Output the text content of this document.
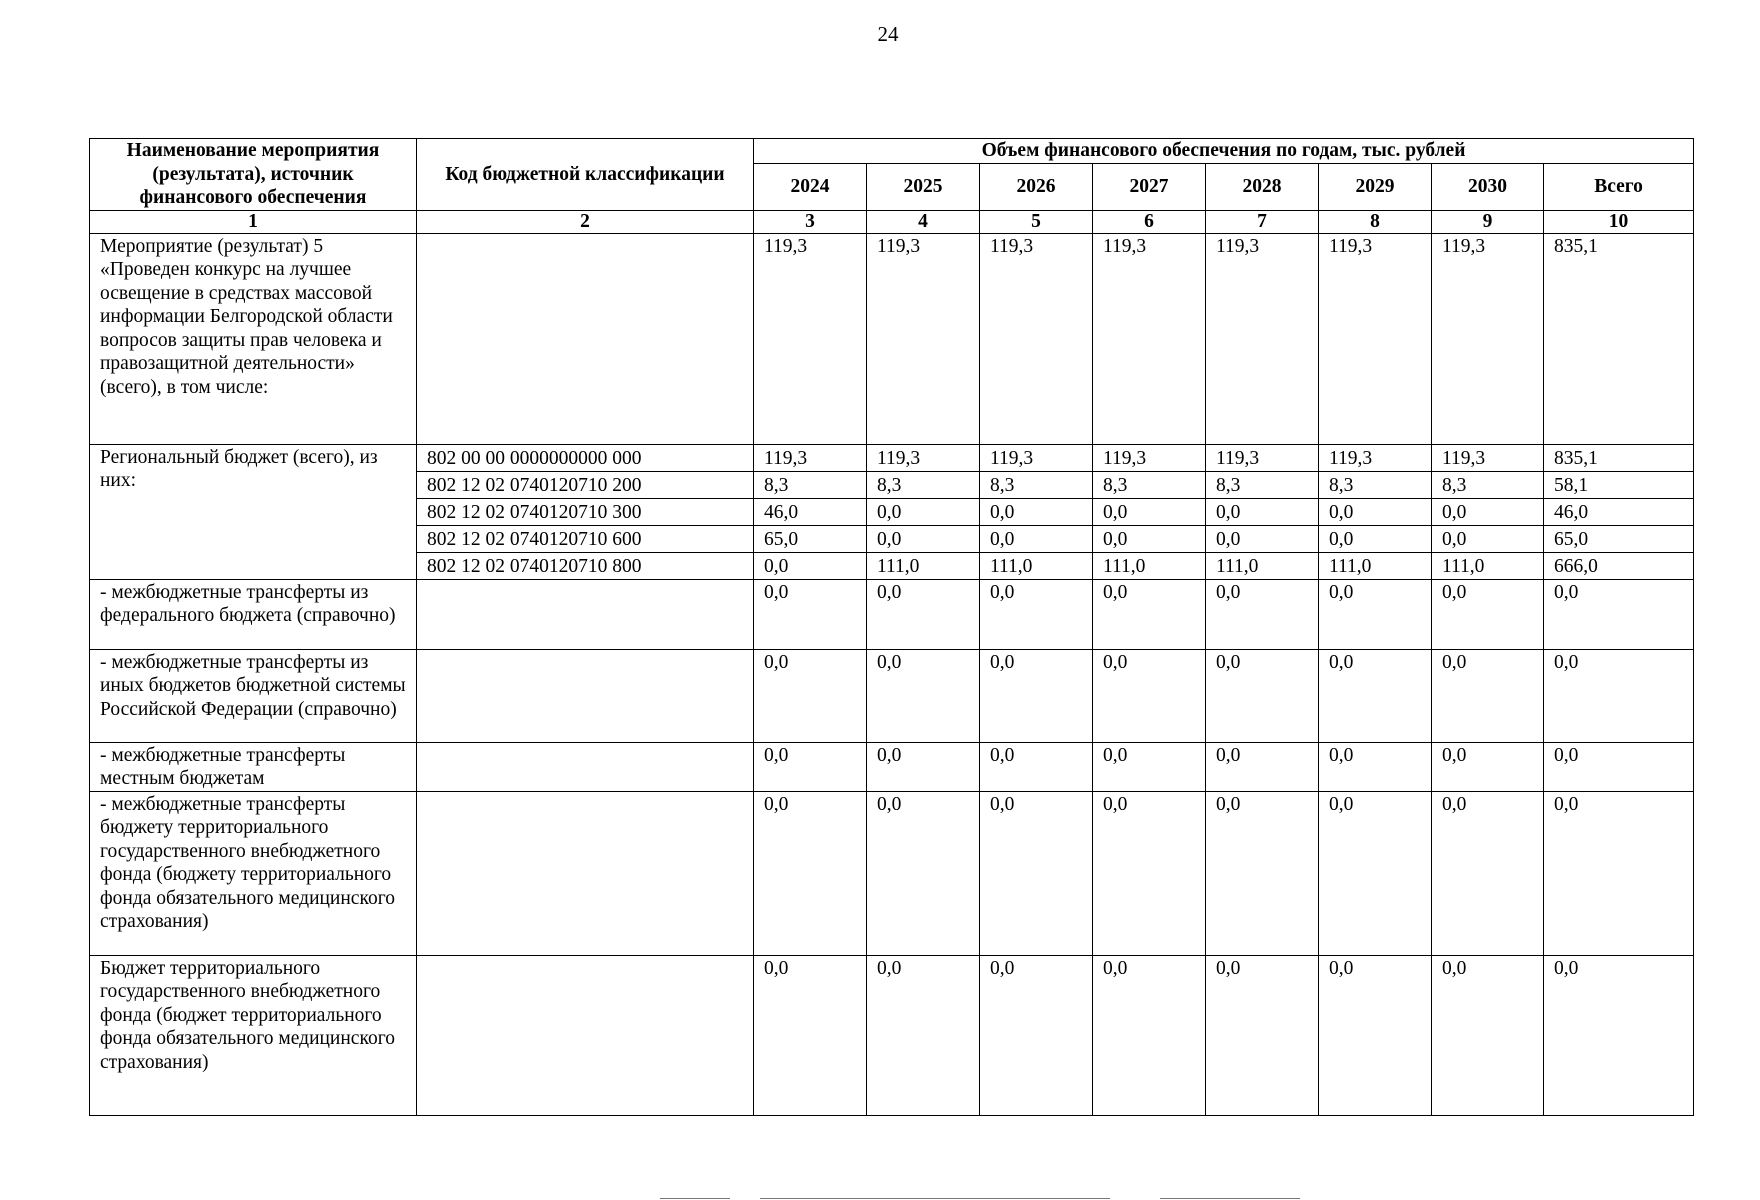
24
Наименование мероприятия (результата), источник финансового обеспечения	Код бюджетной классификации	Объем финансового обеспечения по годам, тыс. рублей							
		2024	2025	2026	2027	2028	2029	2030	Всего
1	2	3	4	5	6	7	8	9	10
Мероприятие (результат) 5 «Проведен конкурс на лучшее освещение в средствах массовой информации Белгородской области вопросов защиты прав человека и правозащитной деятельности» (всего), в том числе:		119,3	119,3	119,3	119,3	119,3	119,3	119,3	835,1
Региональный бюджет (всего), из них:	802 00 00 0000000000 000	119,3	119,3	119,3	119,3	119,3	119,3	119,3	835,1
	802 12 02 0740120710 200	8,3	8,3	8,3	8,3	8,3	8,3	8,3	58,1
	802 12 02 0740120710 300	46,0	0,0	0,0	0,0	0,0	0,0	0,0	46,0
	802 12 02 0740120710 600	65,0	0,0	0,0	0,0	0,0	0,0	0,0	65,0
	802 12 02 0740120710 800	0,0	111,0	111,0	111,0	111,0	111,0	111,0	666,0
- межбюджетные трансферты из федерального бюджета (справочно)		0,0	0,0	0,0	0,0	0,0	0,0	0,0	0,0
- межбюджетные трансферты из иных бюджетов бюджетной системы Российской Федерации (справочно)		0,0	0,0	0,0	0,0	0,0	0,0	0,0	0,0
- межбюджетные трансферты местным бюджетам		0,0	0,0	0,0	0,0	0,0	0,0	0,0	0,0
- межбюджетные трансферты бюджету территориального государственного внебюджетного фонда (бюджету территориального фонда обязательного медицинского страхования)		0,0	0,0	0,0	0,0	0,0	0,0	0,0	0,0
Бюджет территориального государственного внебюджетного фонда (бюджет территориального фонда обязательного медицинского страхования)		0,0	0,0	0,0	0,0	0,0	0,0	0,0	0,0
